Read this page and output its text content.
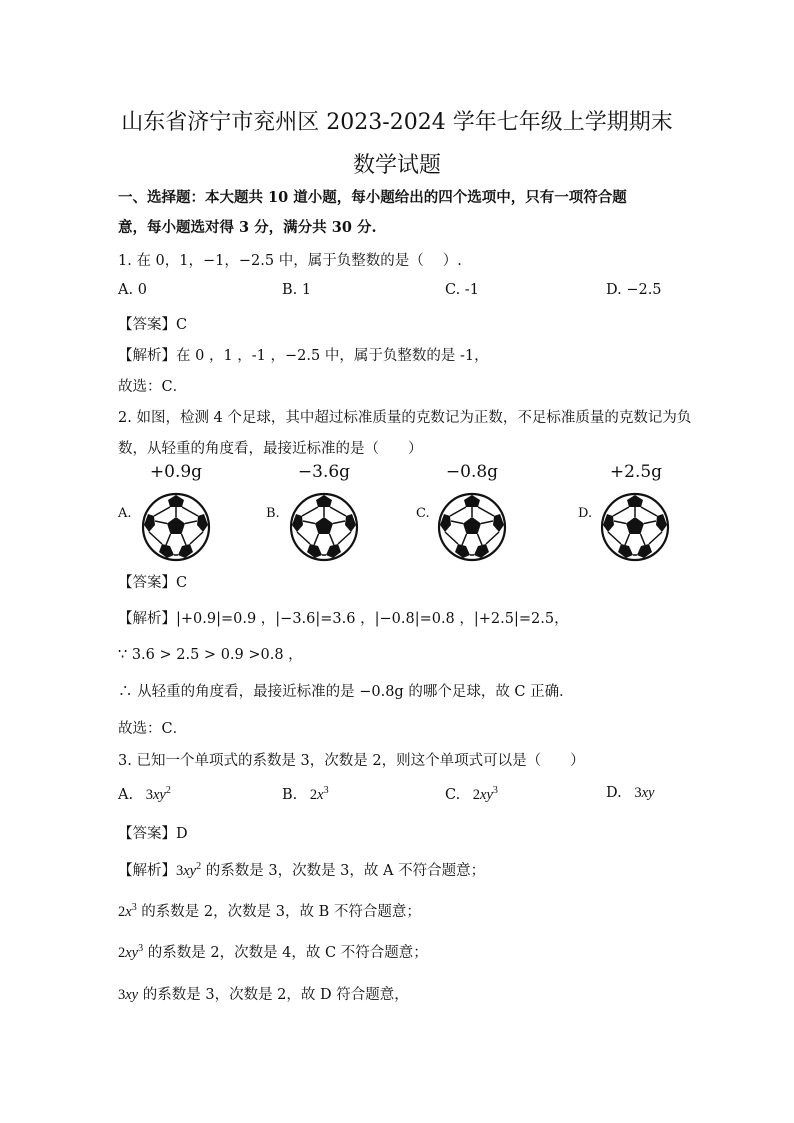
山东省济宁市兖州区 2023-2024 学年七年级上学期期末
数学试题
一、选择题：本大题共 10 道小题，每小题给出的四个选项中，只有一项符合题
意，每小题选对得 3 分，满分共 30 分.
1. 在 0，1，−1，−2.5 中，属于负整数的是（　 ）.
A. 0	B. 1	C. -1	D. −2.5
【答案】C
【解析】在 0 ，1 ，-1 ，−2.5 中，属于负整数的是 -1，
故选：C．
2. 如图，检测 4 个足球，其中超过标准质量的克数记为正数，不足标准质量的克数记为负
数，从轻重的角度看，最接近标准的是（　　）
+0.9g	−3.6g	−0.8g	+2.5g
A.	B.	C.	D.
【答案】C
【解析】|+0.9|=0.9 ，|−3.6|=3.6 ，|−0.8|=0.8 ，|+2.5|=2.5，
∵ 3.6 > 2.5 > 0.9 >0.8 ，
∴ 从轻重的角度看，最接近标准的是 −0.8g 的哪个足球，故 C 正确．
故选：C．
3. 已知一个单项式的系数是 3，次数是 2，则这个单项式可以是（　　）
A. $3xy^2$	B. $2x^3$	C. $2xy^3$	D. 3xy
【答案】D
【解析】$3xy^2$ 的系数是 3，次数是 3，故 A 不符合题意；
$2x^3$ 的系数是 2，次数是 3，故 B 不符合题意；
$2xy^3$ 的系数是 2，次数是 4，故 C 不符合题意；
3xy 的系数是 3，次数是 2，故 D 符合题意，
